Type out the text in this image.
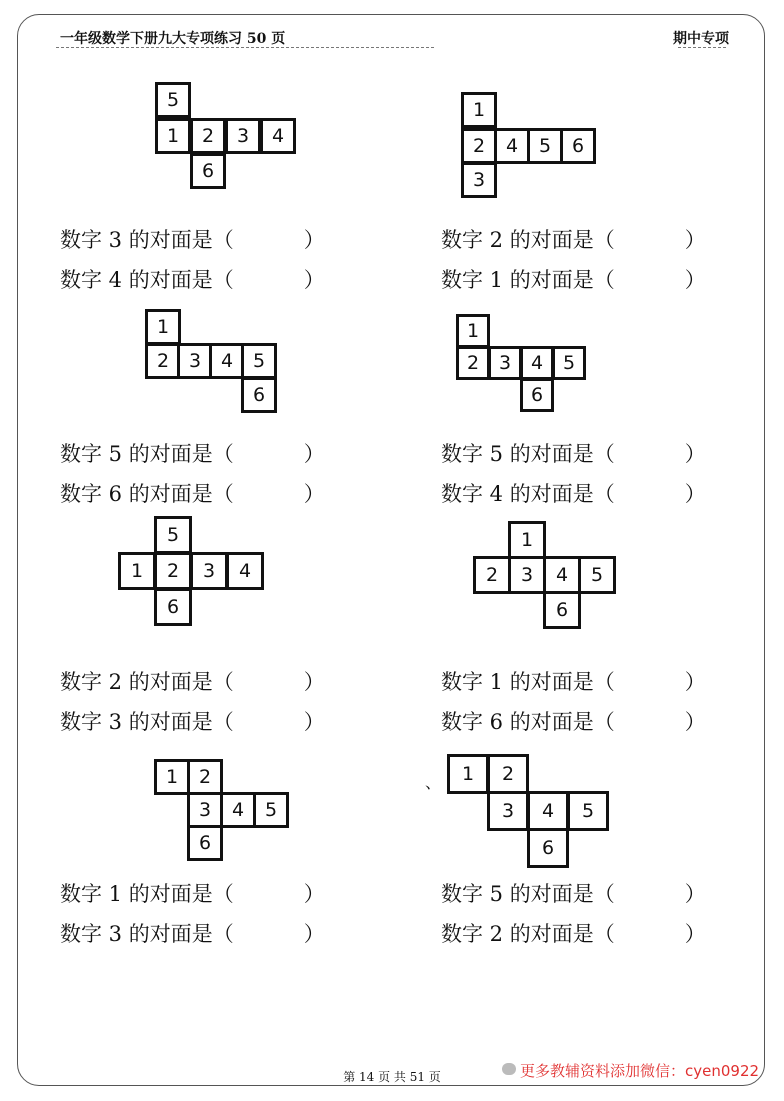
一年级数学下册九大专项练习 50 页	期中专项
5
1	2	3	4
6
数字 3 的对面是（	）
数字 4 的对面是（	）
1
2	4	5	6
3
数字 2 的对面是（	）
数字 1 的对面是（	）
1
2	3	4	5
6
数字 5 的对面是（	）
数字 6 的对面是（	）
1
2	3	4	5
6
数字 5 的对面是（	）
数字 4 的对面是（	）
5
1	2	3	4
6
数字 2 的对面是（	）
数字 3 的对面是（	）
1
2	3	4	5
6
数字 1 的对面是（	）
数字 6 的对面是（	）
1	2
3	4	5
6
数字 1 的对面是（	）
数字 3 的对面是（	）
、	1	2
3	4	5
6
数字 5 的对面是（	）
数字 2 的对面是（	）
第 14 页 共 51 页	更多教辅资料添加微信：cyen0922
